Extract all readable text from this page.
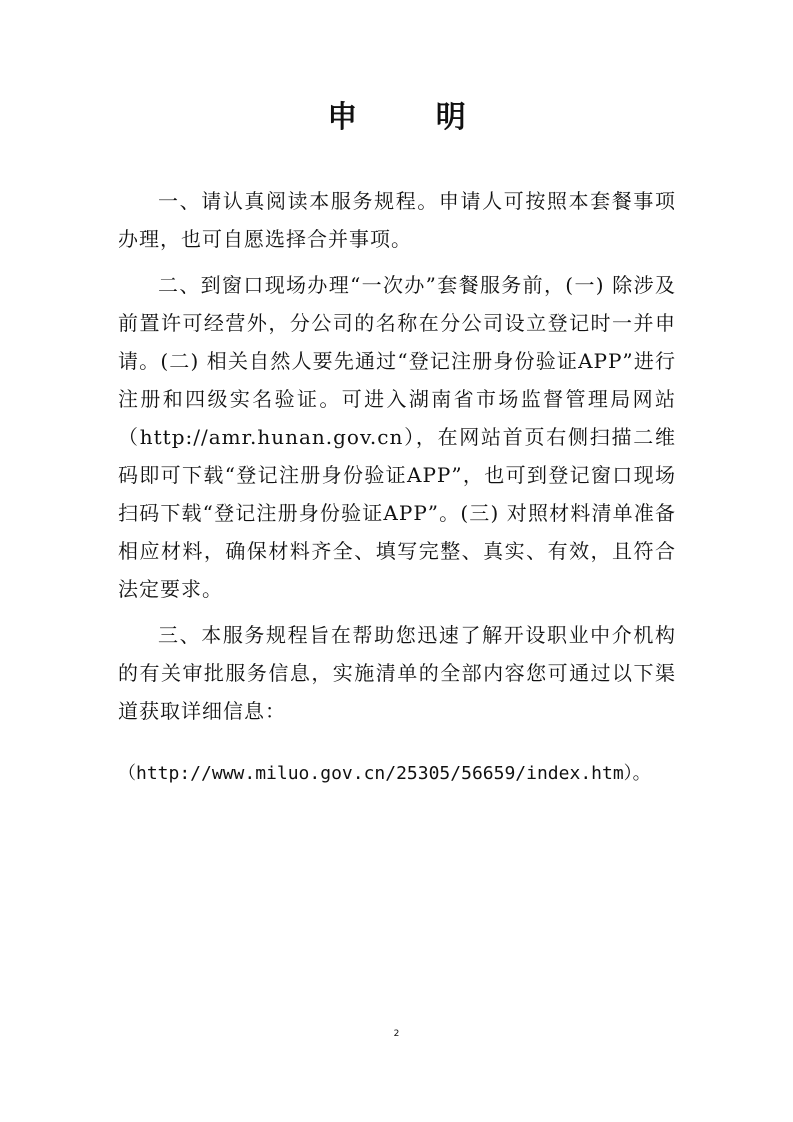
申 明

一、请认真阅读本服务规程。申请人可按照本套餐事项办理，也可自愿选择合并事项。

二、到窗口现场办理“一次办”套餐服务前，(一) 除涉及前置许可经营外，分公司的名称在分公司设立登记时一并申请。(二) 相关自然人要先通过“登记注册身份验证APP”进行注册和四级实名验证。可进入湖南省市场监督管理局网站（http://amr.hunan.gov.cn），在网站首页右侧扫描二维码即可下载“登记注册身份验证APP”，也可到登记窗口现场扫码下载“登记注册身份验证APP”。(三) 对照材料清单准备相应材料，确保材料齐全、填写完整、真实、有效，且符合法定要求。

三、本服务规程旨在帮助您迅速了解开设职业中介机构的有关审批服务信息，实施清单的全部内容您可通过以下渠道获取详细信息：

（http://www.miluo.gov.cn/25305/56659/index.htm）。
2
